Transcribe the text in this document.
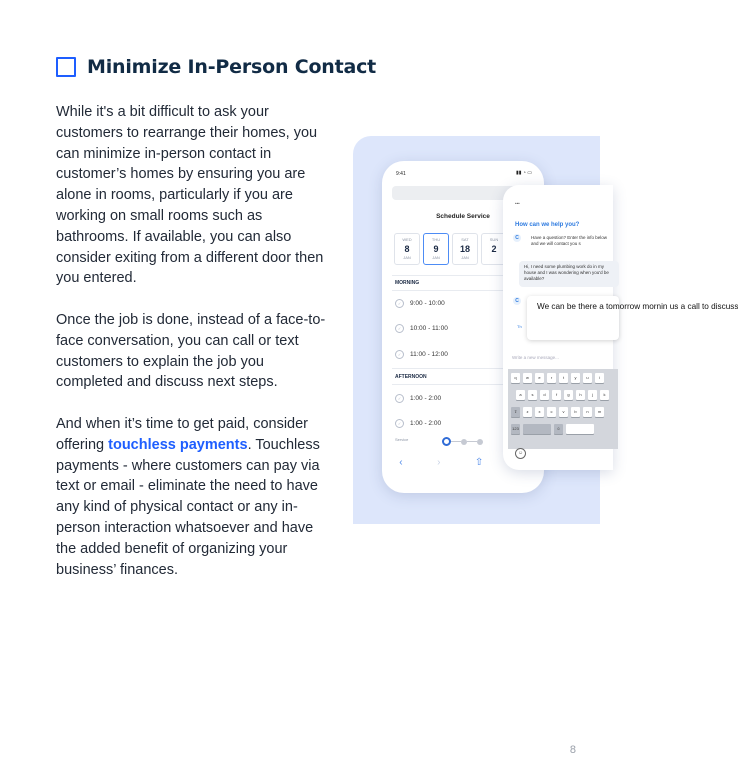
Minimize In-Person Contact

While it's a bit difficult to ask your customers to rearrange their homes, you can minimize in-person contact in customer’s homes by ensuring you are alone in rooms, particularly if you are working on small rooms such as bathrooms. If available, you can also consider exiting from a different door then you entered.

Once the job is done, instead of a face-to-face conversation, you can call or text customers to explain the job you completed and discuss next steps.

And when it’s time to get paid, consider offering touchless payments. Touchless payments - where customers can pay via text or email - eliminate the need to have any kind of physical contact or any in-person interaction whatsoever and have the added benefit of organizing your business’ finances.

9:41	▮▮ ◔ ▭
Schedule Service
WED
8
JAN
THU
9
JAN
SAT
18
JAN
SUN
2
MORNING
✓	9:00 - 10:00
✓	10:00 - 11:00
✓	11:00 - 12:00
AFTERNOON
✓	1:00 - 2:00
✓	1:00 - 2:00
Service
‹	›	⇧
•••
How can we help you?
C	Have a question? Enter the info below and we will contact you s
Hi, I need some plumbing work do in my house and I was wondering when you'd be available?
C
Th
We can be there a tomorrow mornin us a call to discuss
Write a new message...
q	w	e	r	t	y	u	i
a	s	d	f	g	h	j	k
⇧	z	x	c	v	b	n	m
123	☺
☺
8
